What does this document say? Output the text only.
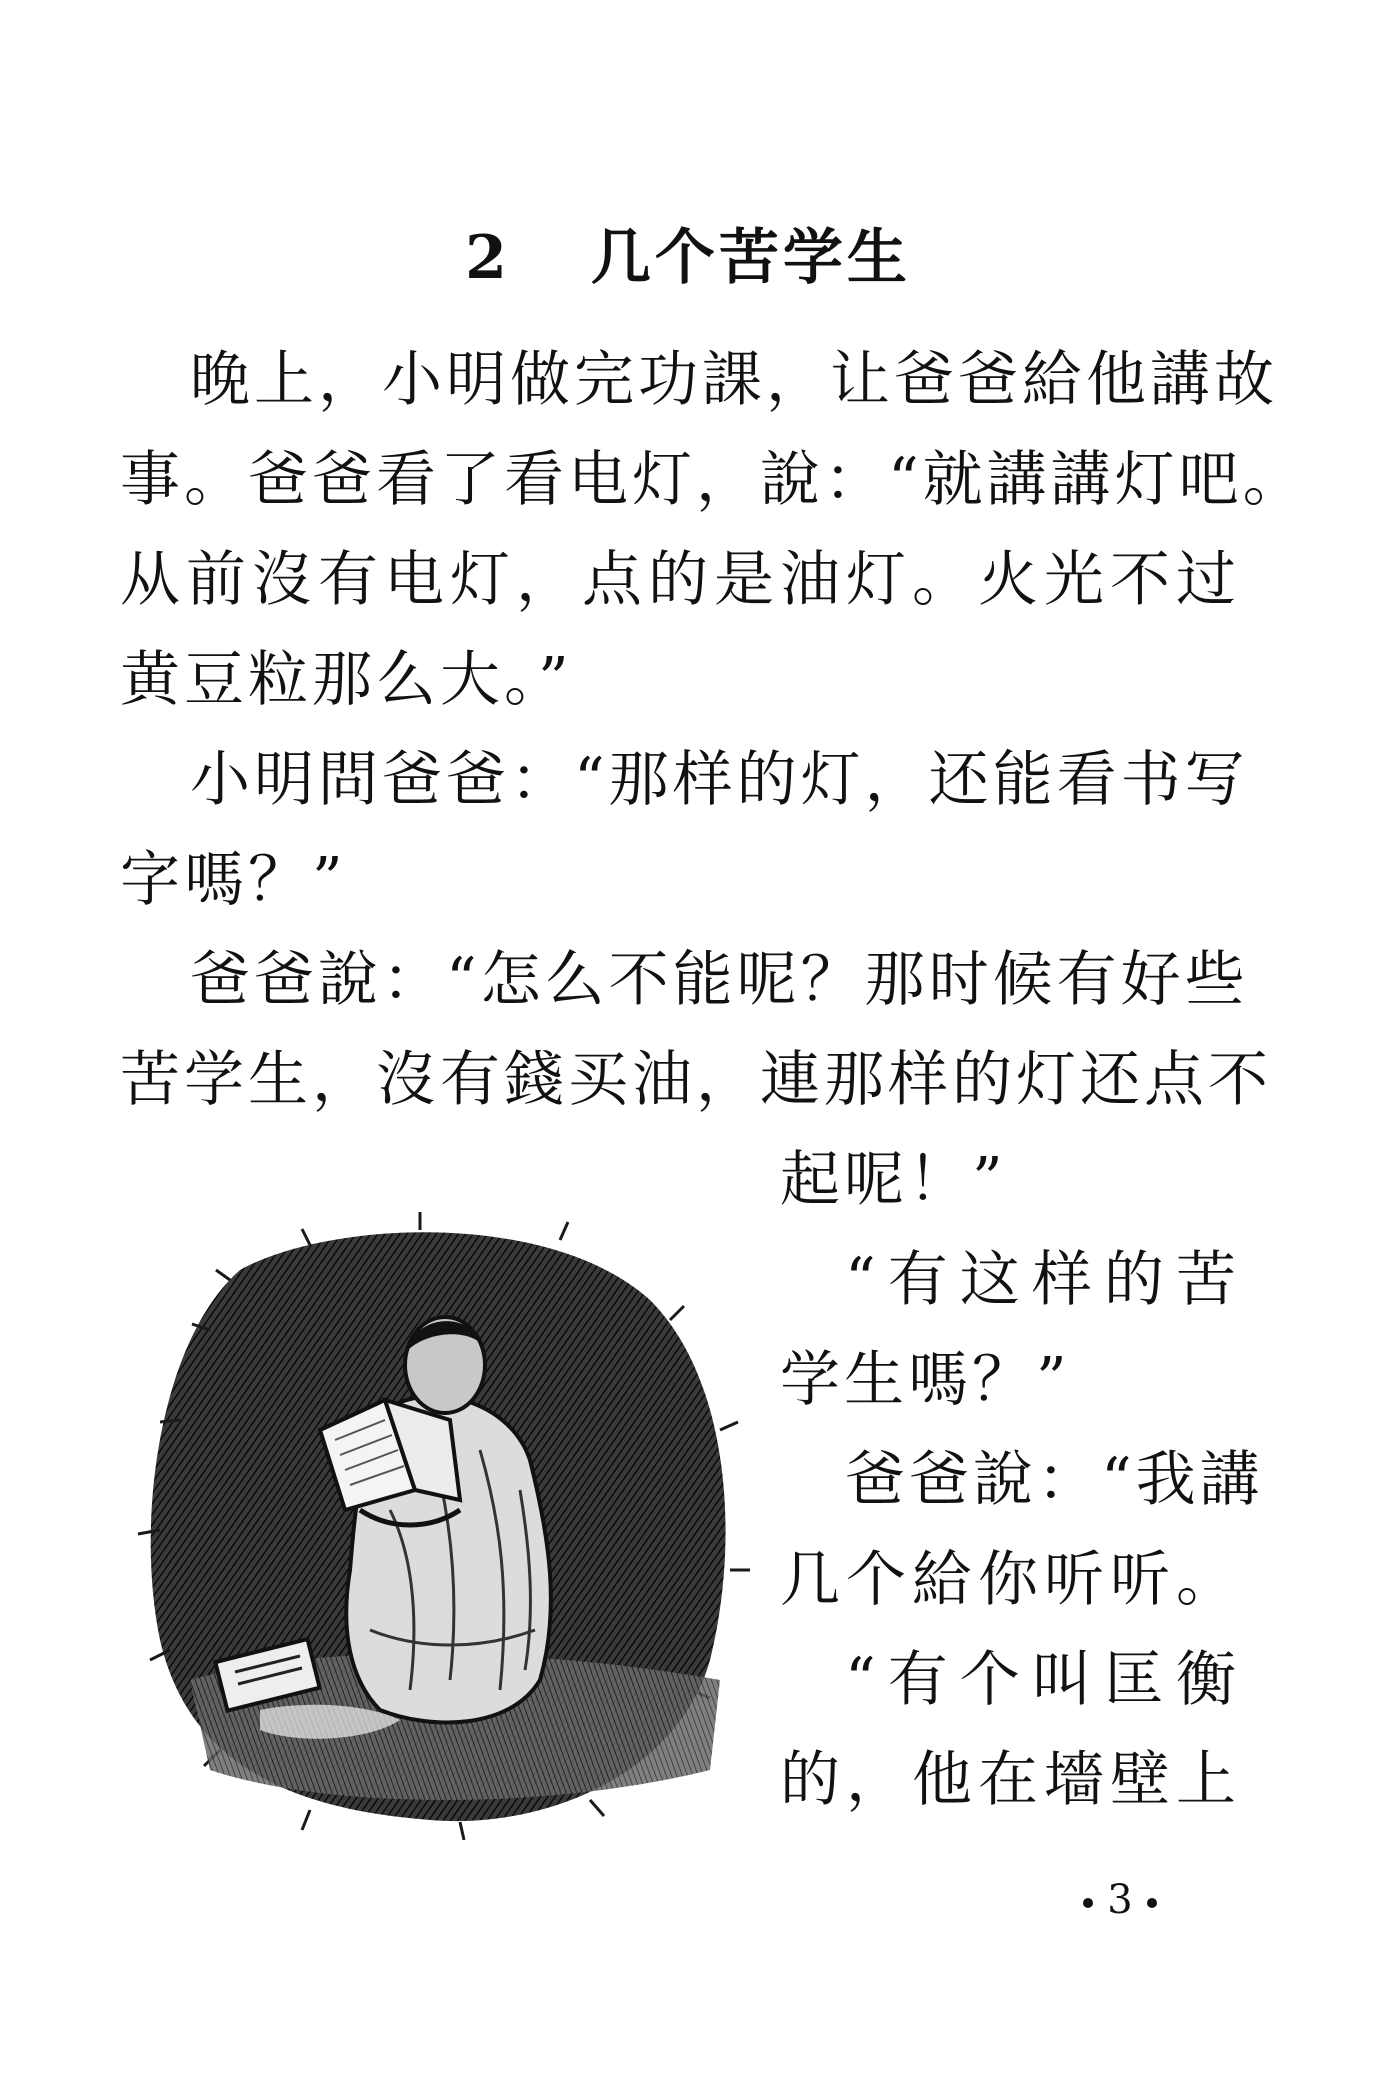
2 几个苦学生
晚上，小明做完功課，让爸爸給他講故
事。爸爸看了看电灯，說：“就講講灯吧。
从前沒有电灯，点的是油灯。火光不过
黄豆粒那么大。”
小明問爸爸：“那样的灯，还能看书写
字嗎？”
爸爸說：“怎么不能呢？那时候有好些
苦学生，沒有錢买油，連那样的灯还点不
起呢！”
“有这样的苦
学生嗎？”
爸爸說：“我講
几个給你听听。
“有个叫匡衡
的，他在墻壁上
3
